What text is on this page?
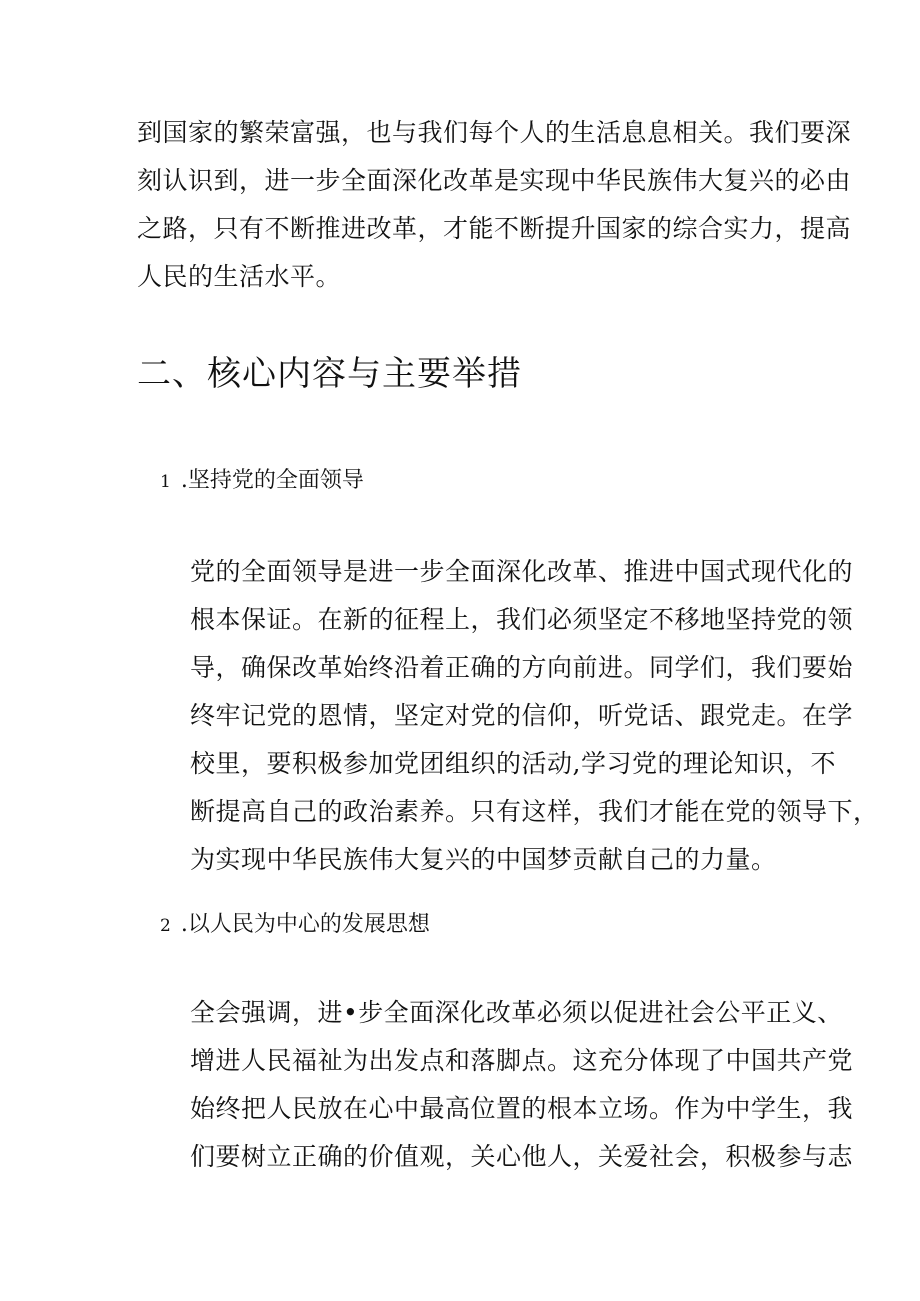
到国家的繁荣富强，也与我们每个人的生活息息相关。我们要深
刻认识到，进一步全面深化改革是实现中华民族伟大复兴的必由
之路，只有不断推进改革，才能不断提升国家的综合实力，提高
人民的生活水平。
二、核心内容与主要举措
1 .坚持党的全面领导
党的全面领导是进一步全面深化改革、推进中国式现代化的
根本保证。在新的征程上，我们必须坚定不移地坚持党的领
导，确保改革始终沿着正确的方向前进。同学们，我们要始
终牢记党的恩情，坚定对党的信仰，听党话、跟党走。在学
校里，要积极参加党团组织的活动,学习党的理论知识，不
断提高自己的政治素养。只有这样，我们才能在党的领导下，
为实现中华民族伟大复兴的中国梦贡献自己的力量。
2 .以人民为中心的发展思想
全会强调，进•步全面深化改革必须以促进社会公平正义、
增进人民福祉为出发点和落脚点。这充分体现了中国共产党
始终把人民放在心中最高位置的根本立场。作为中学生，我
们要树立正确的价值观，关心他人，关爱社会，积极参与志
